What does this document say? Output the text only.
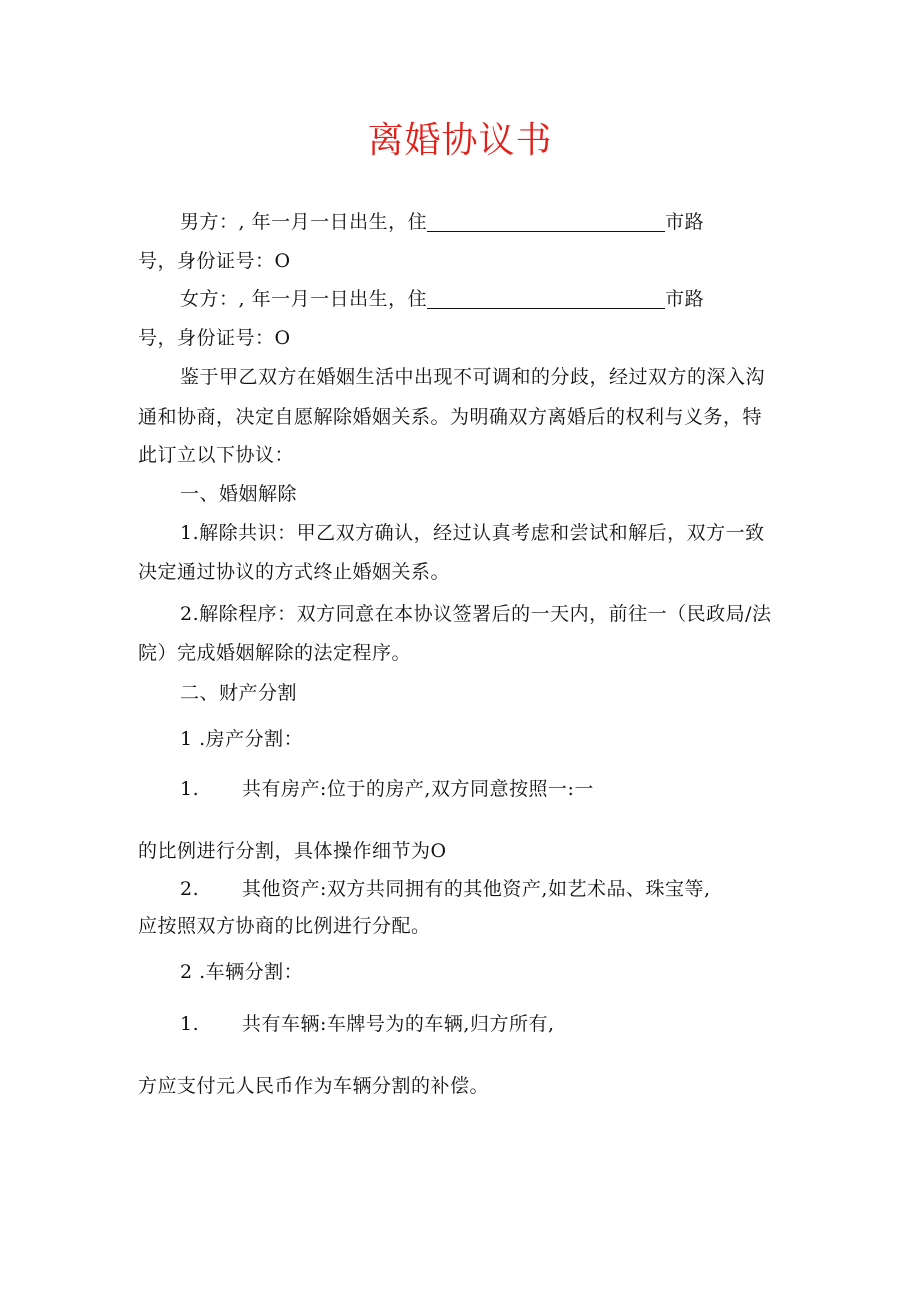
离婚协议书
男方：, 年一月一日出生，住	市路
号，身份证号：O
女方：, 年一月一日出生，住	市路
号，身份证号：O
鉴于甲乙双方在婚姻生活中出现不可调和的分歧，经过双方的深入沟
通和协商，决定自愿解除婚姻关系。为明确双方离婚后的权利与义务，特
此订立以下协议：
一、婚姻解除
1.解除共识：甲乙双方确认，经过认真考虑和尝试和解后，双方一致
决定通过协议的方式终止婚姻关系。
2.解除程序：双方同意在本协议签署后的一天内，前往一（民政局/法
院）完成婚姻解除的法定程序。
二、财产分割
1 .房产分割：
1. 共有房产:位于的房产,双方同意按照一:一
的比例进行分割，具体操作细节为O
2. 其他资产:双方共同拥有的其他资产,如艺术品、珠宝等,
应按照双方协商的比例进行分配。
2 .车辆分割：
1. 共有车辆:车牌号为的车辆,归方所有,
方应支付元人民币作为车辆分割的补偿。
